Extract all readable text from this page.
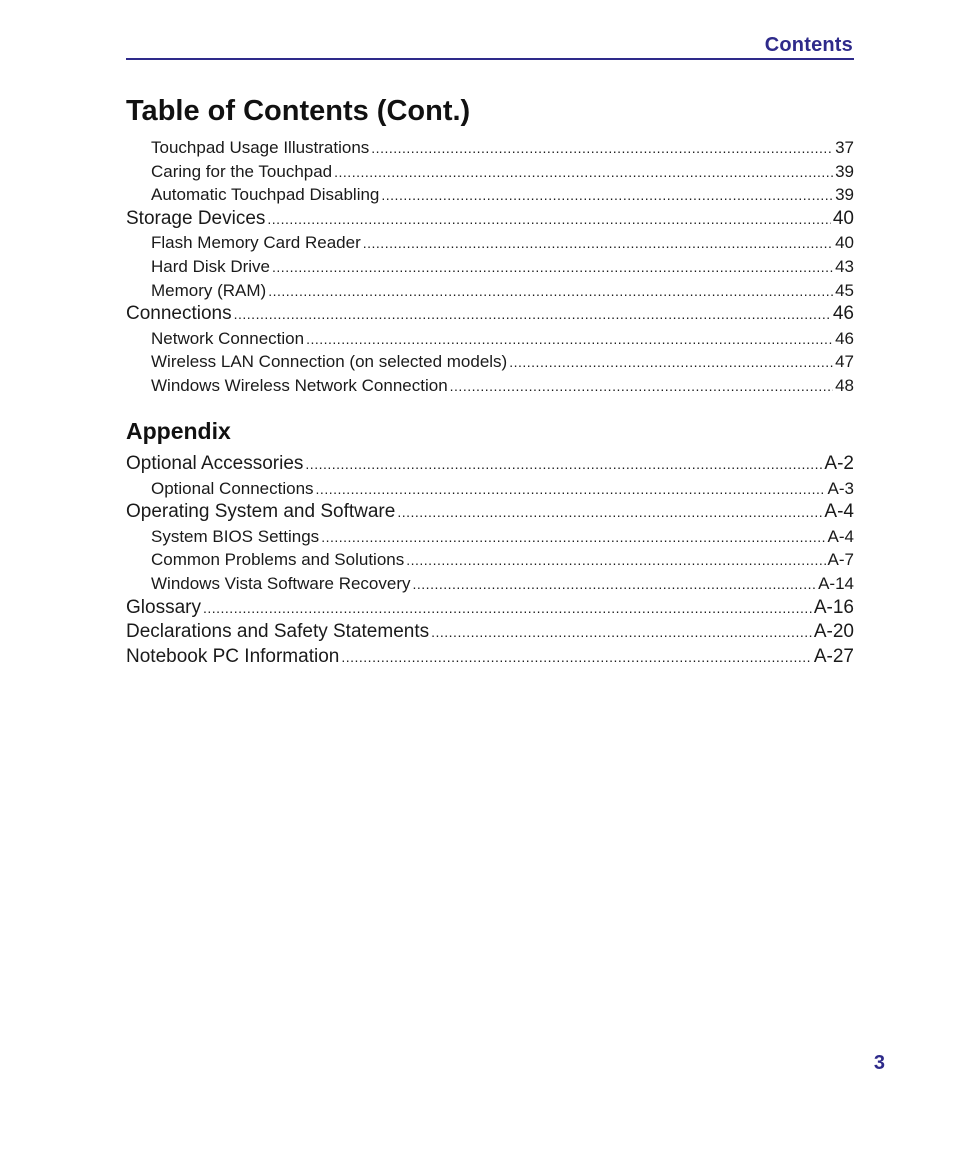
Contents
Table of Contents (Cont.)
Touchpad Usage Illustrations .....	37
Caring for the Touchpad .....	39
Automatic Touchpad Disabling .....	39
Storage Devices .....	40
Flash Memory Card Reader .....	40
Hard Disk Drive .....	43
Memory (RAM) .....	45
Connections .....	46
Network Connection .....	46
Wireless LAN Connection (on selected models) .....	47
Windows Wireless Network Connection .....	48
Appendix
Optional Accessories .....	A-2
Optional Connections .....	A-3
Operating System and Software .....	A-4
System BIOS Settings .....	A-4
Common Problems and Solutions .....	A-7
Windows Vista Software Recovery .....	A-14
Glossary .....	A-16
Declarations and Safety Statements .....	A-20
Notebook PC Information .....	A-27
3
